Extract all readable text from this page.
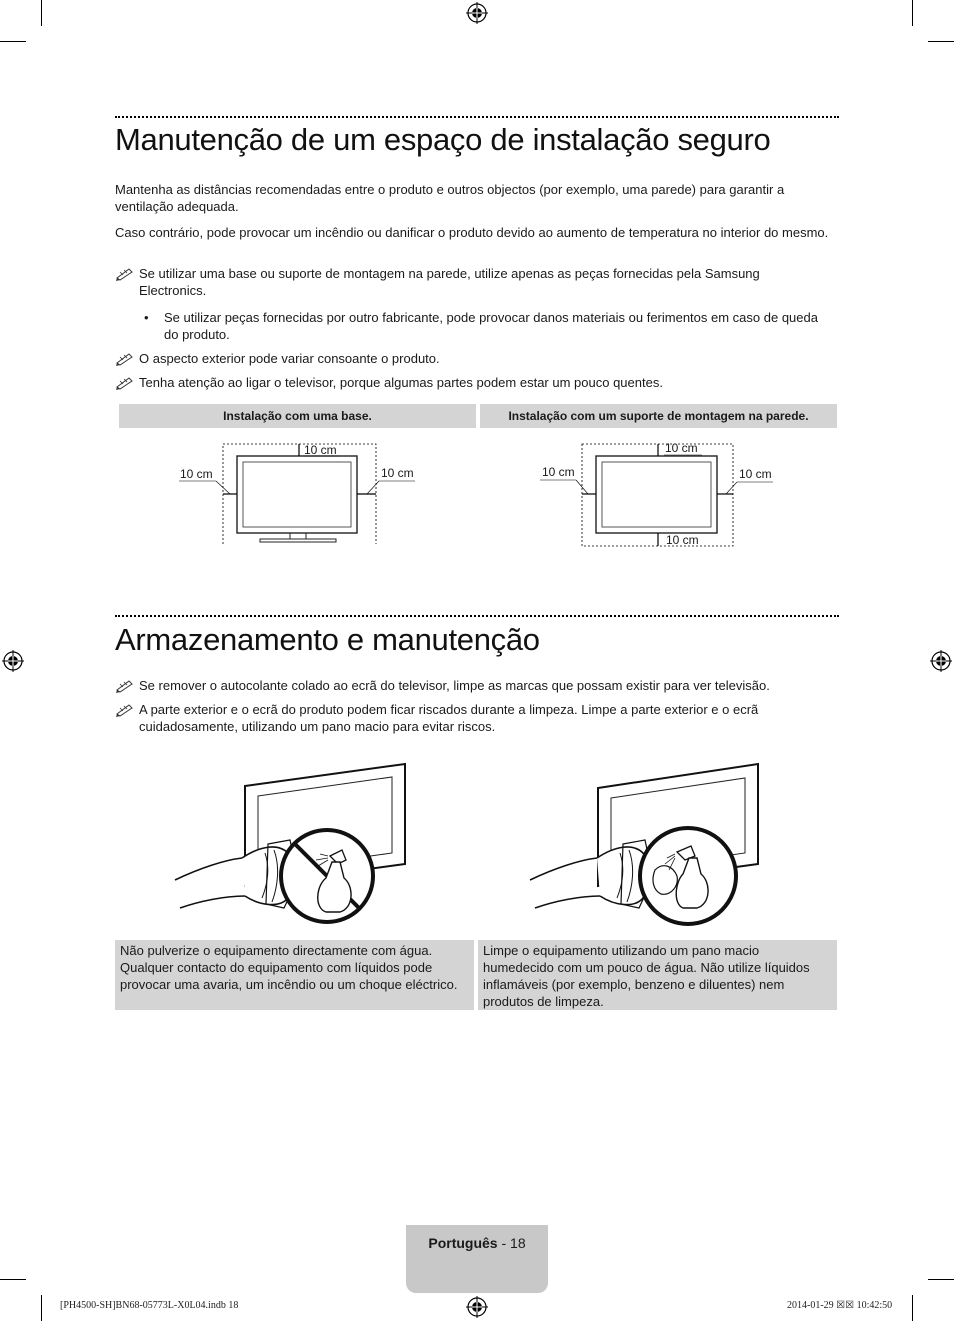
Manutenção de um espaço de instalação seguro

Mantenha as distâncias recomendadas entre o produto e outros objectos (por exemplo, uma parede) para garantir a ventilação adequada.

Caso contrário, pode provocar um incêndio ou danificar o produto devido ao aumento de temperatura no interior do mesmo.

Se utilizar uma base ou suporte de montagem na parede, utilize apenas as peças fornecidas pela Samsung Electronics.
• Se utilizar peças fornecidas por outro fabricante, pode provocar danos materiais ou ferimentos em caso de queda do produto.
O aspecto exterior pode variar consoante o produto.
Tenha atenção ao ligar o televisor, porque algumas partes podem estar um pouco quentes.
Instalação com uma base.	Instalação com um suporte de montagem na parede.
10 cm
10 cm	10 cm
10 cm
10 cm
10 cm	10 cm
Armazenamento e manutenção
Se remover o autocolante colado ao ecrã do televisor, limpe as marcas que possam existir para ver televisão.
A parte exterior e o ecrã do produto podem ficar riscados durante a limpeza. Limpe a parte exterior e o ecrã cuidadosamente, utilizando um pano macio para evitar riscos.
Não pulverize o equipamento directamente com água. Qualquer contacto do equipamento com líquidos pode provocar uma avaria, um incêndio ou um choque eléctrico.
Limpe o equipamento utilizando um pano macio humedecido com um pouco de água. Não utilize líquidos inflamáveis (por exemplo, benzeno e diluentes) nem produtos de limpeza.
Português - 18
[PH4500-SH]BN68-05773L-X0L04.indb 18	2014-01-29 ☒☒ 10:42:50
